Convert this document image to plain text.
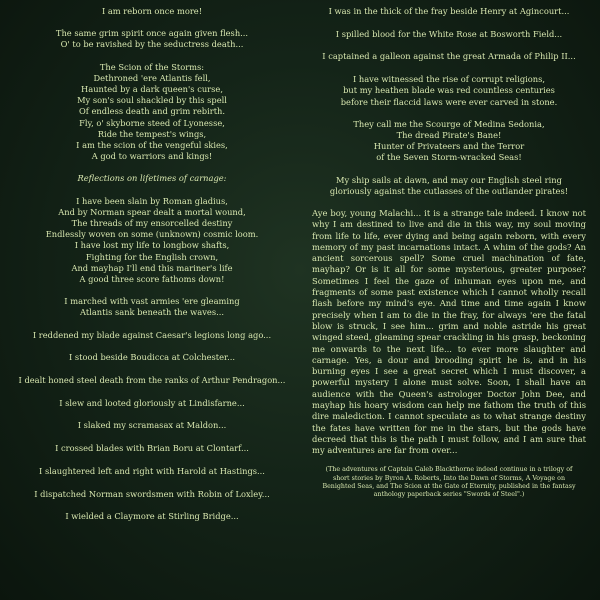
I am reborn once more!
The same grim spirit once again given flesh...
O' to be ravished by the seductress death...
The Scion of the Storms:
Dethroned 'ere Atlantis fell,
Haunted by a dark queen's curse,
My son's soul shackled by this spell
Of endless death and grim rebirth.
Fly, o' skyborne steed of Lyonesse,
Ride the tempest's wings,
I am the scion of the vengeful skies,
A god to warriors and kings!
Reflections on lifetimes of carnage:
I have been slain by Roman gladius,
And by Norman spear dealt a mortal wound,
The threads of my ensorcelled destiny
Endlessly woven on some (unknown) cosmic loom.
I have lost my life to longbow shafts,
Fighting for the English crown,
And mayhap I'll end this mariner's life
A good three score fathoms down!
I marched with vast armies 'ere gleaming
Atlantis sank beneath the waves...
I reddened my blade against Caesar's legions long ago...
I stood beside Boudicca at Colchester...
I dealt honed steel death from the ranks of Arthur Pendragon...
I slew and looted gloriously at Lindisfarne...
I slaked my scramasax at Maldon...
I crossed blades with Brian Boru at Clontarf...
I slaughtered left and right with Harold at Hastings...
I dispatched Norman swordsmen with Robin of Loxley...
I wielded a Claymore at Stirling Bridge...
I was in the thick of the fray beside Henry at Agincourt...
I spilled blood for the White Rose at Bosworth Field...
I captained a galleon against the great Armada of Philip II...
I have witnessed the rise of corrupt religions,
but my heathen blade was red countless centuries
before their flaccid laws were ever carved in stone.
They call me the Scourge of Medina Sedonia,
The dread Pirate's Bane!
Hunter of Privateers and the Terror
of the Seven Storm-wracked Seas!
My ship sails at dawn, and may our English steel ring
gloriously against the cutlasses of the outlander pirates!

Aye boy, young Malachi... it is a strange tale indeed. I know not why I am destined to live and die in this way, my soul moving from life to life, ever dying and being again reborn, with every memory of my past incarnations intact. A whim of the gods? An ancient sorcerous spell? Some cruel machination of fate, mayhap? Or is it all for some mysterious, greater purpose? Sometimes I feel the gaze of inhuman eyes upon me, and fragments of some past existence which I cannot wholly recall flash before my mind's eye. And time and time again I know precisely when I am to die in the fray, for always 'ere the fatal blow is struck, I see him... grim and noble astride his great winged steed, gleaming spear crackling in his grasp, beckoning me onwards to the next life... to ever more slaughter and carnage. Yes, a dour and brooding spirit he is, and in his burning eyes I see a great secret which I must discover, a powerful mystery I alone must solve. Soon, I shall have an audience with the Queen's astrologer Doctor John Dee, and mayhap his hoary wisdom can help me fathom the truth of this dire malediction. I cannot speculate as to what strange destiny the fates have written for me in the stars, but the gods have decreed that this is the path I must follow, and I am sure that my adventures are far from over...

(The adventures of Captain Caleb Blackthorne indeed continue in a trilogy of short stories by Byron A. Roberts, Into the Dawn of Storms, A Voyage on Benighted Seas, and The Scion at the Gate of Eternity, published in the fantasy anthology paperback series "Swords of Steel".)
